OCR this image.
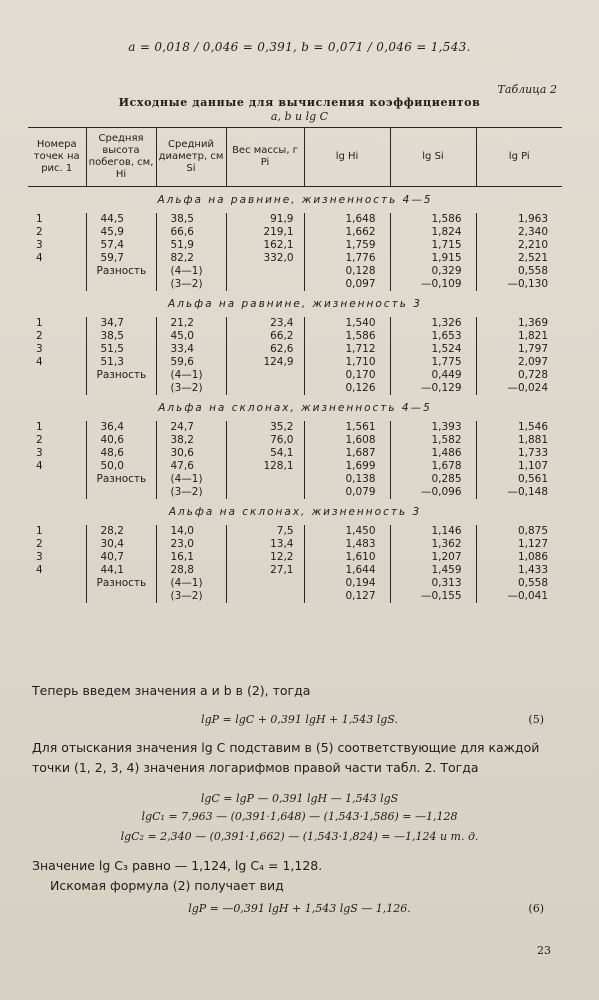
a = 0,018 / 0,046 = 0,391, b = 0,071 / 0,046 = 1,543.
Таблица 2
Исходные данные для вычисления коэффициентов
a, b и lg C
Номера точек на рис. 1	Средняя высота побегов, см, Hi	Средний диаметр, см Si	Вес массы, г Pi	lg Hi	lg Si	lg Pi
Альфа на равнине, жизненность 4—5						
1	44,5	38,5	91,9	1,648	1,586	1,963
2	45,9	66,6	219,1	1,662	1,824	2,340
3	57,4	51,9	162,1	1,759	1,715	2,210
4	59,7	82,2	332,0	1,776	1,915	2,521
	Разность	(4—1)		0,128	0,329	0,558
		(3—2)		0,097	—0,109	—0,130
Альфа на равнине, жизненность 3						
1	34,7	21,2	23,4	1,540	1,326	1,369
2	38,5	45,0	66,2	1,586	1,653	1,821
3	51,5	33,4	62,6	1,712	1,524	1,797
4	51,3	59,6	124,9	1,710	1,775	2,097
	Разность	(4—1)		0,170	0,449	0,728
		(3—2)		0,126	—0,129	—0,024
Альфа на склонах, жизненность 4—5						
1	36,4	24,7	35,2	1,561	1,393	1,546
2	40,6	38,2	76,0	1,608	1,582	1,881
3	48,6	30,6	54,1	1,687	1,486	1,733
4	50,0	47,6	128,1	1,699	1,678	1,107
	Разность	(4—1)		0,138	0,285	0,561
		(3—2)		0,079	—0,096	—0,148
Альфа на склонах, жизненность 3						
1	28,2	14,0	7,5	1,450	1,146	0,875
2	30,4	23,0	13,4	1,483	1,362	1,127
3	40,7	16,1	12,2	1,610	1,207	1,086
4	44,1	28,8	27,1	1,644	1,459	1,433
	Разность	(4—1)		0,194	0,313	0,558
		(3—2)		0,127	—0,155	—0,041
Теперь введем значения a и b в (2), тогда
lgP = lgC + 0,391 lgH + 1,543 lgS.	(5)
Для отыскания значения lg C подставим в (5) соответствующие для каждой точки (1, 2, 3, 4) значения логарифмов правой части табл. 2. Тогда
lgC = lgP — 0,391 lgH — 1,543 lgS
lgC₁ = 7,963 — (0,391·1,648) — (1,543·1,586) = —1,128
lgC₂ = 2,340 — (0,391·1,662) — (1,543·1,824) = —1,124 и т. д.
Значение lg C₃ равно — 1,124, lg C₄ = 1,128.
Искомая формула (2) получает вид
lgP = —0,391 lgH + 1,543 lgS — 1,126.	(6)
23
